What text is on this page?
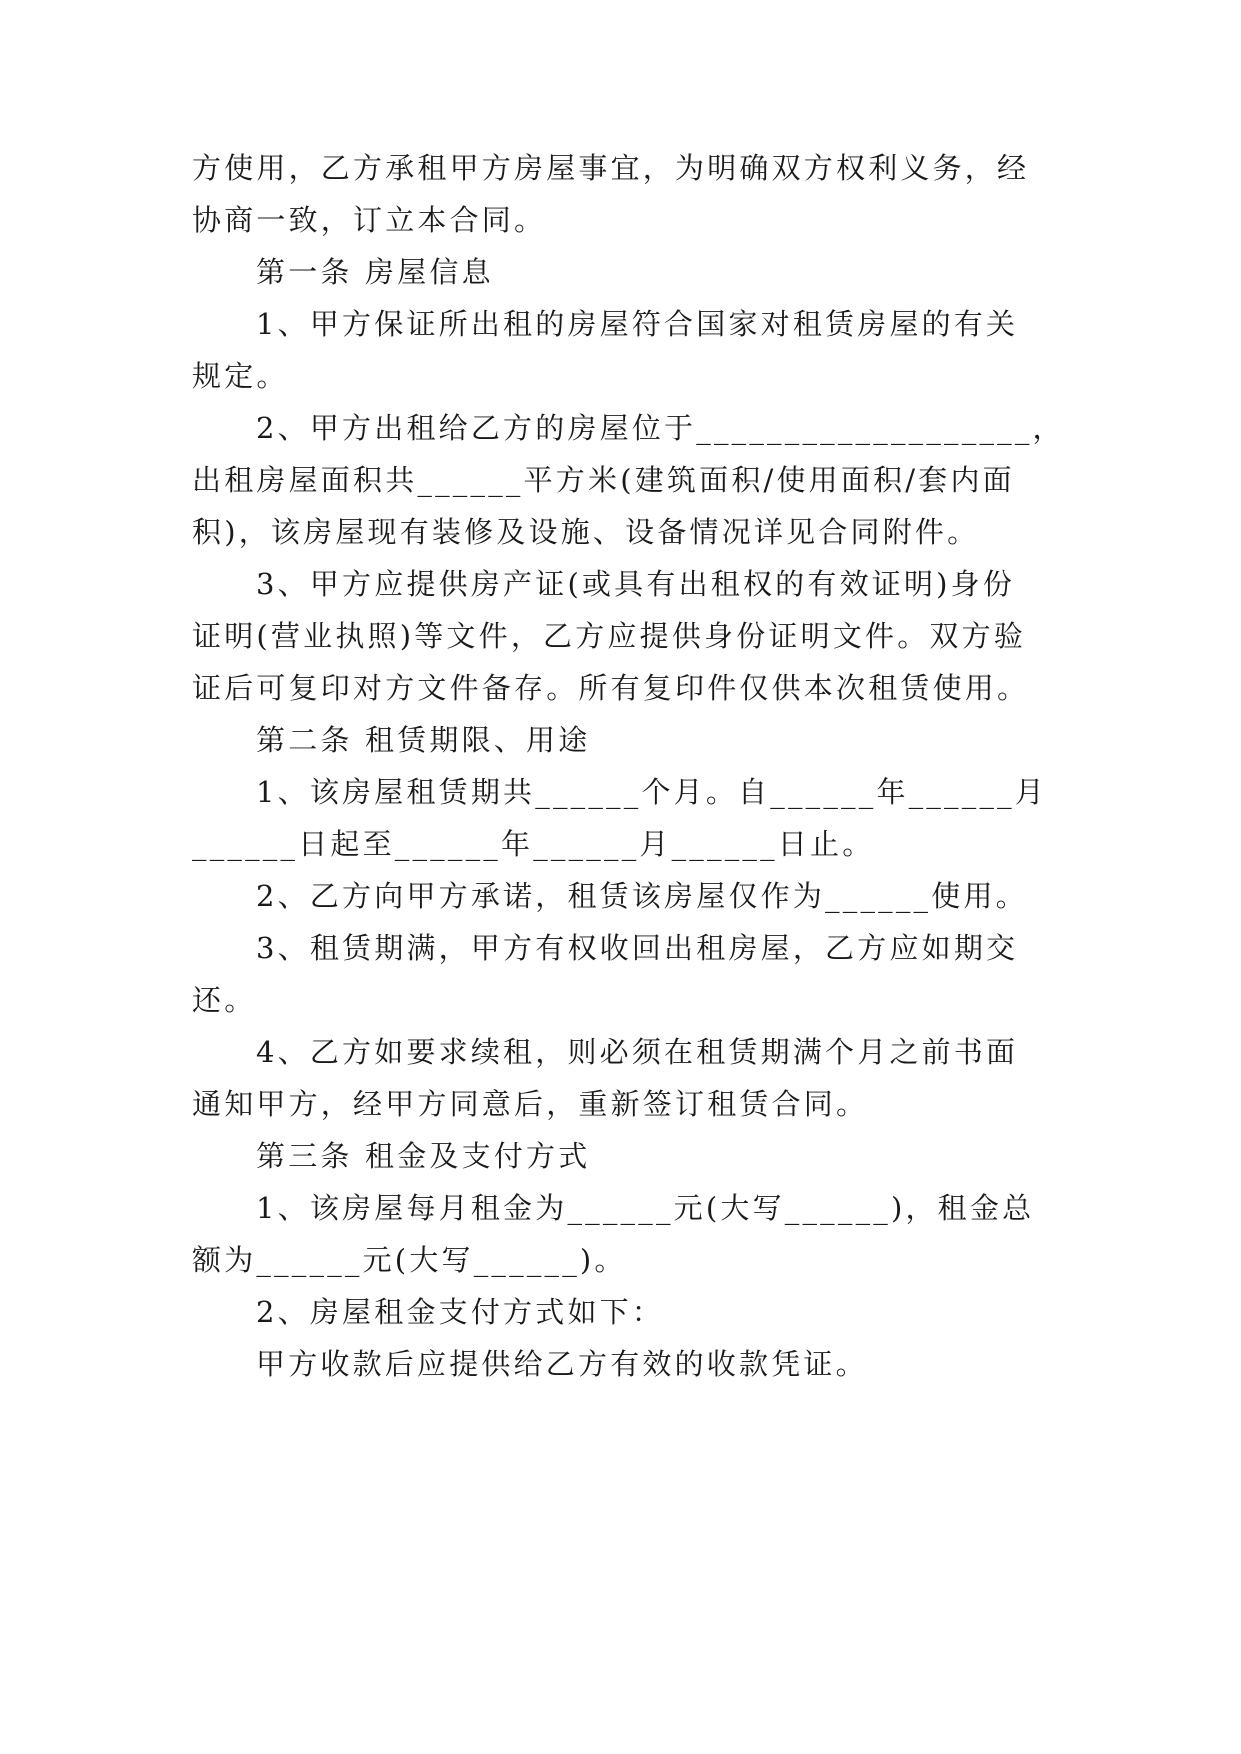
方使用，乙方承租甲方房屋事宜，为明确双方权利义务，经
协商一致，订立本合同。
第一条 房屋信息
1、甲方保证所出租的房屋符合国家对租赁房屋的有关
规定。
2、甲方出租给乙方的房屋位于___________________，
出租房屋面积共______平方米(建筑面积/使用面积/套内面
积)，该房屋现有装修及设施、设备情况详见合同附件。
3、甲方应提供房产证(或具有出租权的有效证明)身份
证明(营业执照)等文件，乙方应提供身份证明文件。双方验
证后可复印对方文件备存。所有复印件仅供本次租赁使用。
第二条 租赁期限、用途
1、该房屋租赁期共______个月。自______年______月
______日起至______年______月______日止。
2、乙方向甲方承诺，租赁该房屋仅作为______使用。
3、租赁期满，甲方有权收回出租房屋，乙方应如期交
还。
4、乙方如要求续租，则必须在租赁期满个月之前书面
通知甲方，经甲方同意后，重新签订租赁合同。
第三条 租金及支付方式
1、该房屋每月租金为______元(大写______)，租金总
额为______元(大写______)。
2、房屋租金支付方式如下：
甲方收款后应提供给乙方有效的收款凭证。
